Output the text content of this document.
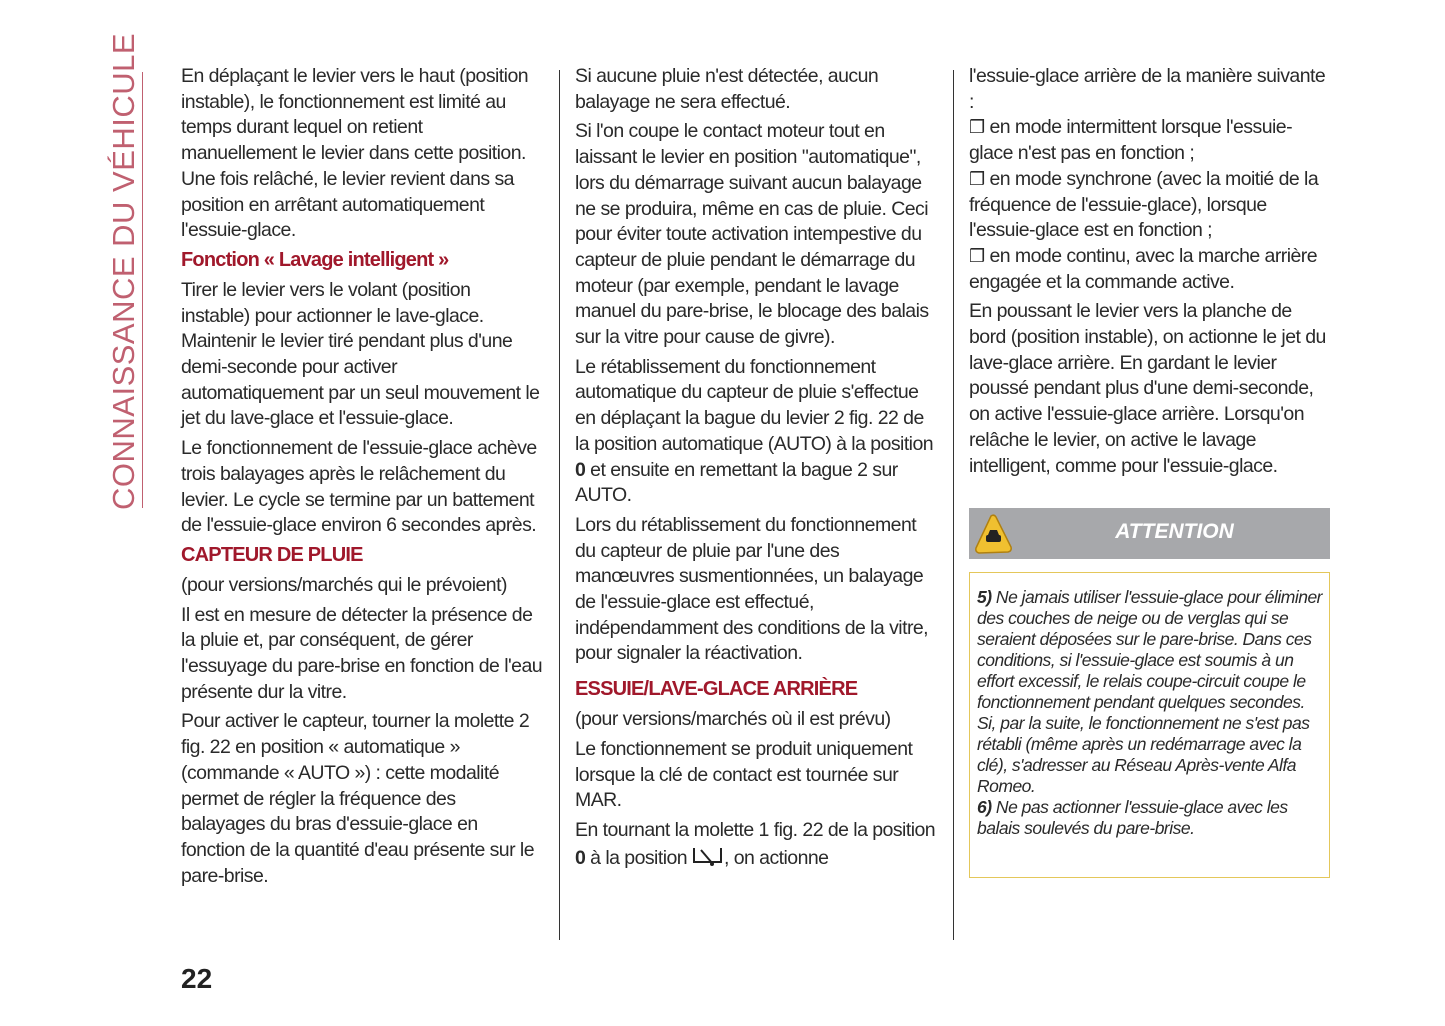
CONNAISSANCE DU VÉHICULE En déplaçant le levier vers le haut (position instable), le fonctionnement est limité au temps durant lequel on retient manuellement le levier dans cette position. Une fois relâché, le levier revient dans sa position en arrêtant automatiquement l'essuie-glace.

Fonction « Lavage intelligent »

Tirer le levier vers le volant (position instable) pour actionner le lave-glace. Maintenir le levier tiré pendant plus d'une demi-seconde pour activer automatiquement par un seul mouvement le jet du lave-glace et l'essuie-glace.

Le fonctionnement de l'essuie-glace achève trois balayages après le relâchement du levier. Le cycle se termine par un battement de l'essuie-glace environ 6 secondes après.

CAPTEUR DE PLUIE

(pour versions/marchés qui le prévoient)

Il est en mesure de détecter la présence de la pluie et, par conséquent, de gérer l'essuyage du pare-brise en fonction de l'eau présente dur la vitre.

Pour activer le capteur, tourner la molette 2 fig. 22 en position « automatique » (commande « AUTO ») : cette modalité permet de régler la fréquence des balayages du bras d'essuie-glace en fonction de la quantité d'eau présente sur le pare-brise.

Si aucune pluie n'est détectée, aucun balayage ne sera effectué.

Si l'on coupe le contact moteur tout en laissant le levier en position "automatique", lors du démarrage suivant aucun balayage ne se produira, même en cas de pluie. Ceci pour éviter toute activation intempestive du capteur de pluie pendant le démarrage du moteur (par exemple, pendant le lavage manuel du pare-brise, le blocage des balais sur la vitre pour cause de givre).

Le rétablissement du fonctionnement automatique du capteur de pluie s'effectue en déplaçant la bague du levier 2 fig. 22 de la position automatique (AUTO) à la position 0 et ensuite en remettant la bague 2 sur AUTO.

Lors du rétablissement du fonctionnement du capteur de pluie par l'une des manœuvres susmentionnées, un balayage de l'essuie-glace est effectué, indépendamment des conditions de la vitre, pour signaler la réactivation.

ESSUIE/LAVE-GLACE ARRIÈRE

(pour versions/marchés où il est prévu)

Le fonctionnement se produit uniquement lorsque la clé de contact est tournée sur MAR.

En tournant la molette 1 fig. 22 de la position 0 à la position , on actionne

l'essuie-glace arrière de la manière suivante :

❒ en mode intermittent lorsque l'essuie-glace n'est pas en fonction ;
❒ en mode synchrone (avec la moitié de la fréquence de l'essuie-glace), lorsque l'essuie-glace est en fonction ;
❒ en mode continu, avec la marche arrière engagée et la commande active.

En poussant le levier vers la planche de bord (position instable), on actionne le jet du lave-glace arrière. En gardant le levier poussé pendant plus d'une demi-seconde, on active l'essuie-glace arrière. Lorsqu'on relâche le levier, on active le lavage intelligent, comme pour l'essuie-glace.

ATTENTION

5) Ne jamais utiliser l'essuie-glace pour éliminer des couches de neige ou de verglas qui se seraient déposées sur le pare-brise. Dans ces conditions, si l'essuie-glace est soumis à un effort excessif, le relais coupe-circuit coupe le fonctionnement pendant quelques secondes. Si, par la suite, le fonctionnement ne s'est pas rétabli (même après un redémarrage avec la clé), s'adresser au Réseau Après-vente Alfa Romeo.

6) Ne pas actionner l'essuie-glace avec les balais soulevés du pare-brise.

22
